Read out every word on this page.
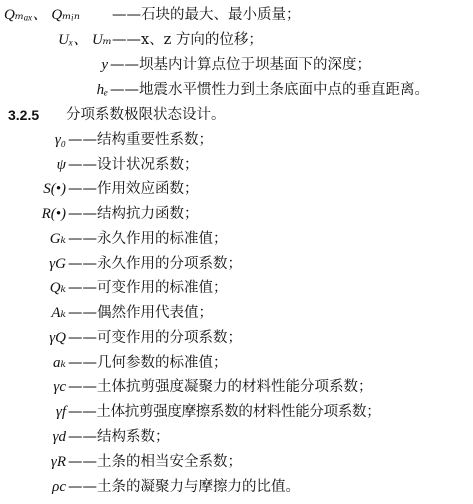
Qₘₐₓ、 Qₘᵢₙ	——石块的最大、最小质量；
Uₓ、 Uₘ ——x、z 方向的位移；
y ——坝基内计算点位于坝基面下的深度；
hₑ ——地震水平惯性力到土条底面中点的垂直距离。
3.2.5 分项系数极限状态设计。
γ₀ ——结构重要性系数；
ψ ——设计状况系数；
S(•) ——作用效应函数；
R(•) ——结构抗力函数；
Gₖ ——永久作用的标准值；
γG ——永久作用的分项系数；
Qₖ ——可变作用的标准值；
Aₖ ——偶然作用代表值；
γQ ——可变作用的分项系数；
aₖ ——几何参数的标准值；
γc ——土体抗剪强度凝聚力的材料性能分项系数；
γf ——土体抗剪强度摩擦系数的材料性能分项系数；
γd ——结构系数；
γR ——土条的相当安全系数；
ρc ——土条的凝聚力与摩擦力的比值。
